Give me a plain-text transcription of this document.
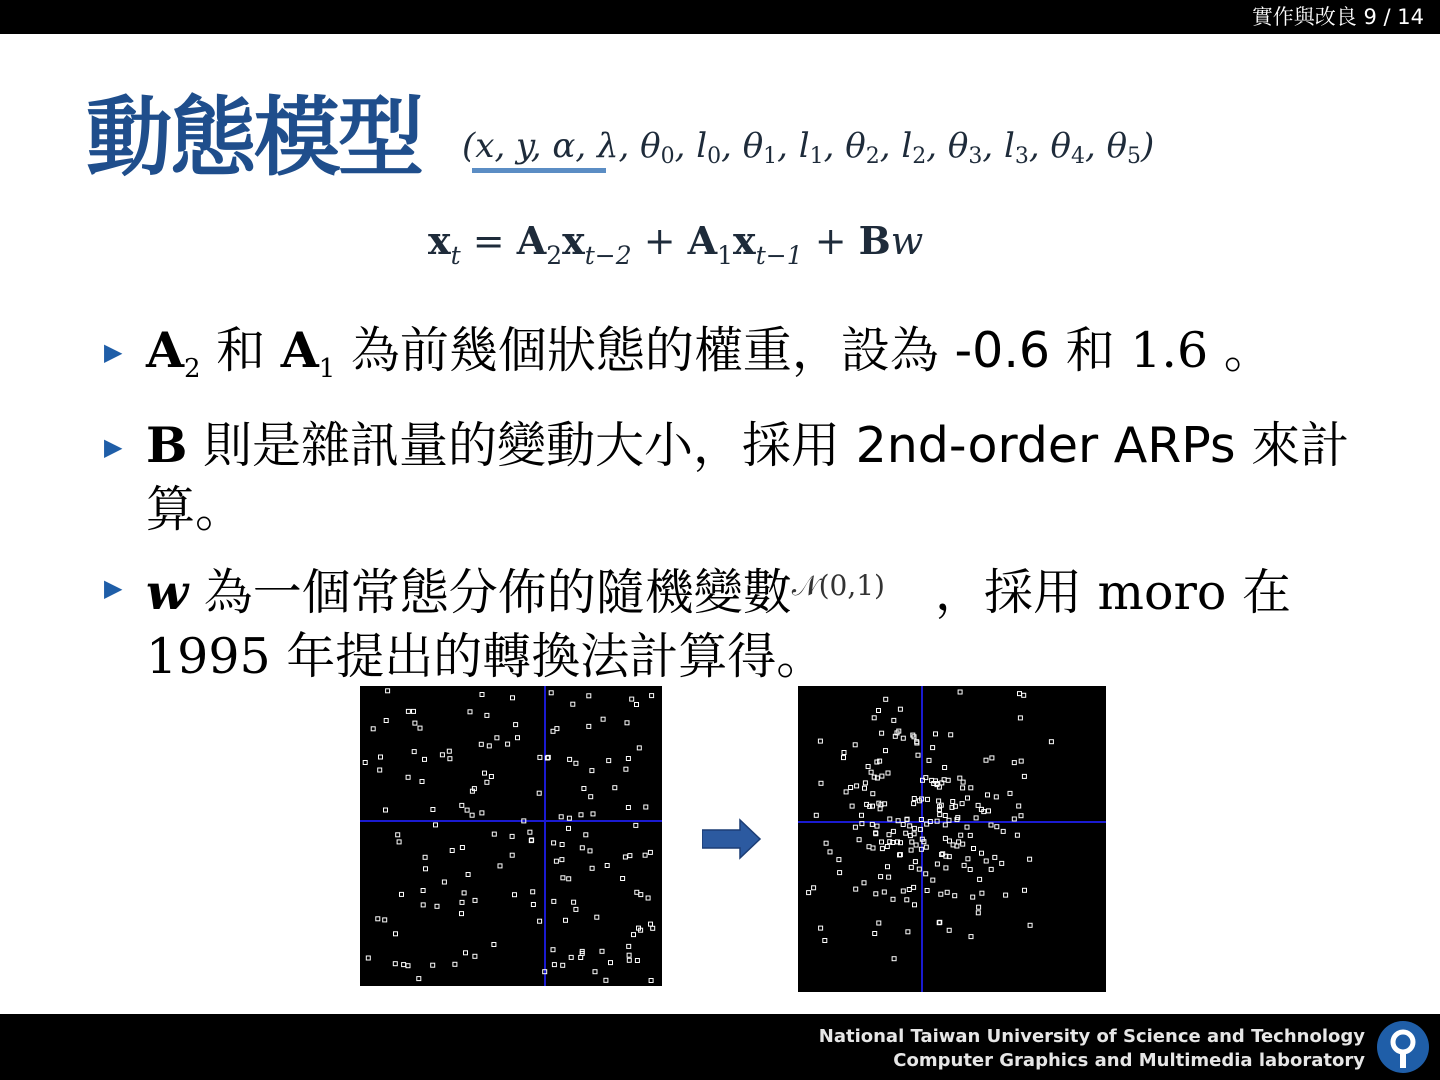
實作與改良 9 / 14
動態模型 (x, y, α, λ, $\theta_0$, $l_0$, $\theta_1$, $l_1$, $\theta_2$, $l_2$, $\theta_3$, $l_3$, $\theta_4$, $\theta_5$)
$x_t = A_2x_{t-2} + A_1x_{t-1} + Bw$
▶ $A_2$ 和 $A_1$ 為前幾個狀態的權重，設為 -0.6 和 1.6 。
▶ B 則是雜訊量的變動大小，採用 2nd-order ARPs 來計算。
▶ w 為一個常態分佈的隨機變數$^{𝒩(0,1)}$ ，採用 moro 在 1995 年提出的轉換法計算得。
National Taiwan University of Science and Technology
Computer Graphics and Multimedia laboratory
